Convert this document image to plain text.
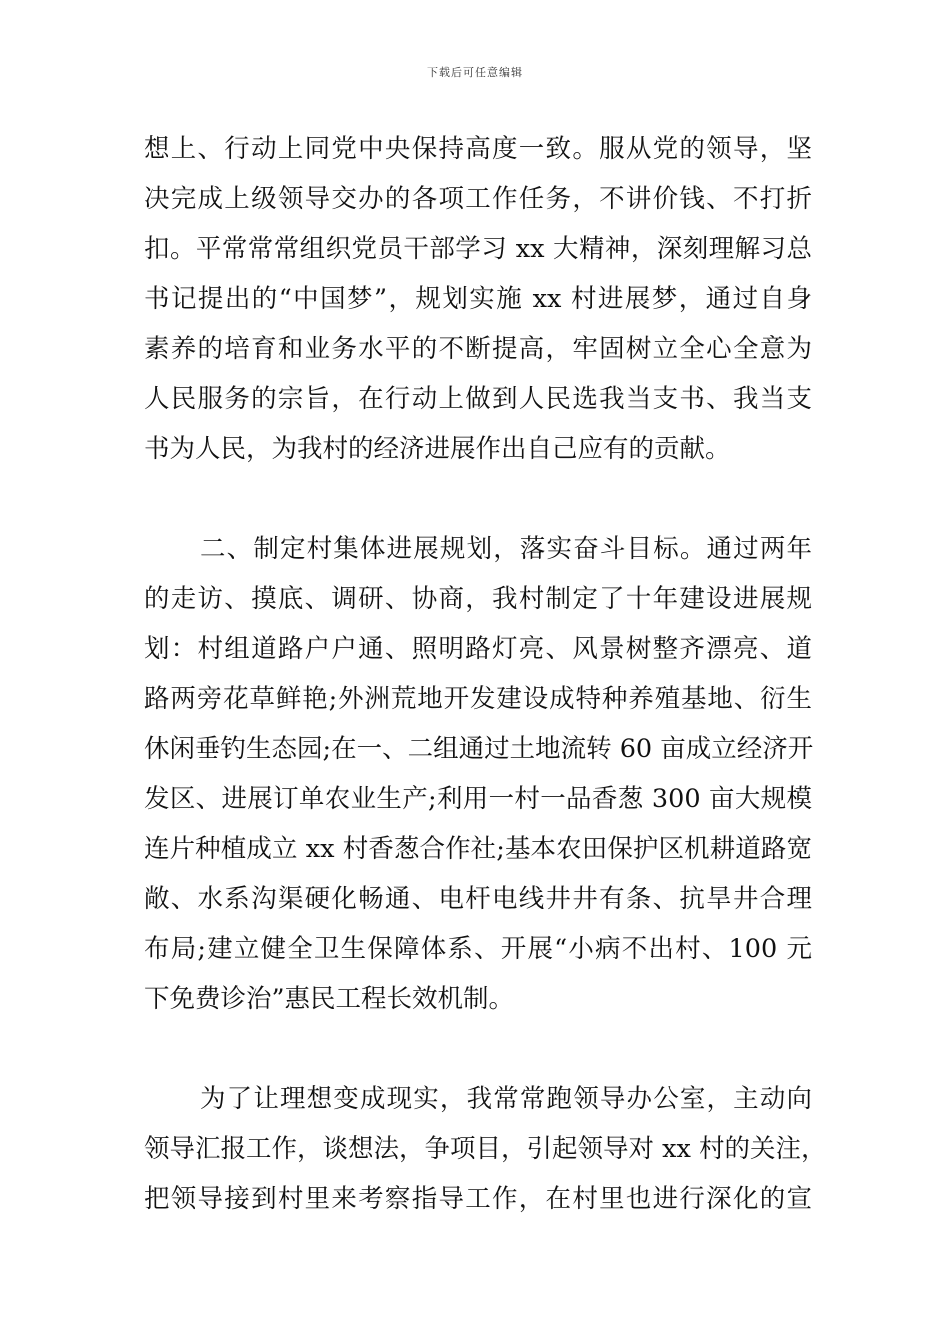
下载后可任意编辑
想上、行动上同党中央保持高度一致。服从党的领导，坚
决完成上级领导交办的各项工作任务，不讲价钱、不打折
扣。平常常常组织党员干部学习 xx 大精神，深刻理解习总
书记提出的“中国梦”，规划实施 xx 村进展梦，通过自身
素养的培育和业务水平的不断提高，牢固树立全心全意为
人民服务的宗旨，在行动上做到人民选我当支书、我当支
书为人民，为我村的经济进展作出自己应有的贡献。
二、制定村集体进展规划，落实奋斗目标。通过两年
的走访、摸底、调研、协商，我村制定了十年建设进展规
划：村组道路户户通、照明路灯亮、风景树整齐漂亮、道
路两旁花草鲜艳;外洲荒地开发建设成特种养殖基地、衍生
休闲垂钓生态园;在一、二组通过土地流转 60 亩成立经济开
发区、进展订单农业生产;利用一村一品香葱 300 亩大规模
连片种植成立 xx 村香葱合作社;基本农田保护区机耕道路宽
敞、水系沟渠硬化畅通、电杆电线井井有条、抗旱井合理
布局;建立健全卫生保障体系、开展“小病不出村、100 元
下免费诊治”惠民工程长效机制。
为了让理想变成现实，我常常跑领导办公室，主动向
领导汇报工作，谈想法，争项目，引起领导对 xx 村的关注，
把领导接到村里来考察指导工作，在村里也进行深化的宣
